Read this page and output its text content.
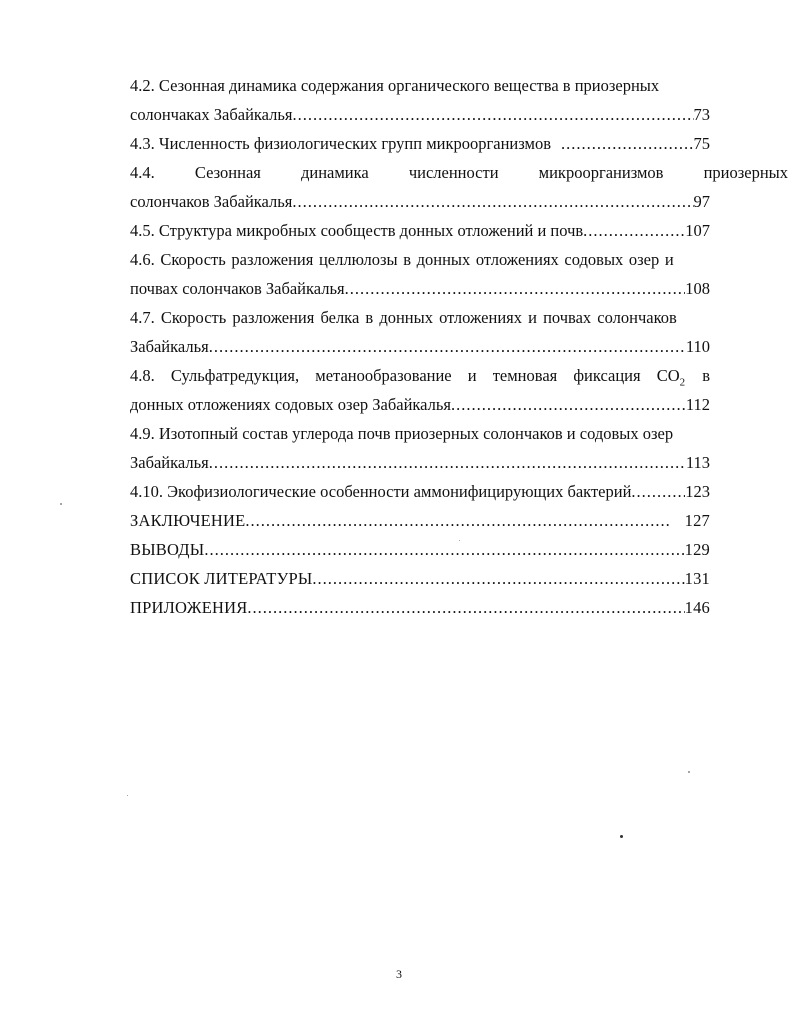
4.2. Сезонная динамика содержания органического вещества в приозерных
солончаках Забайкалья .....	73
4.3. Численность физиологических групп микроорганизмов .....	75
4.4. Сезонная динамика численности микроорганизмов приозерных
солончаков Забайкалья .....	97
4.5. Структура микробных сообществ донных отложений и почв .....	107
4.6. Скорость разложения целлюлозы в донных отложениях содовых озер и
почвах солончаков Забайкалья .....	108
4.7. Скорость разложения белка в донных отложениях и почвах солончаков
Забайкалья .....	110
4.8. Сульфатредукция, метанообразование и темновая фиксация $CO_2$ в
донных отложениях содовых озер Забайкалья .....	112
4.9. Изотопный состав углерода почв приозерных солончаков и содовых озер
Забайкалья .....	113
4.10. Экофизиологические особенности аммонифицирующих бактерий .....	123
ЗАКЛЮЧЕНИЕ .....	127
ВЫВОДЫ .....	129
СПИСОК ЛИТЕРАТУРЫ .....	131
ПРИЛОЖЕНИЯ .....	146
3
